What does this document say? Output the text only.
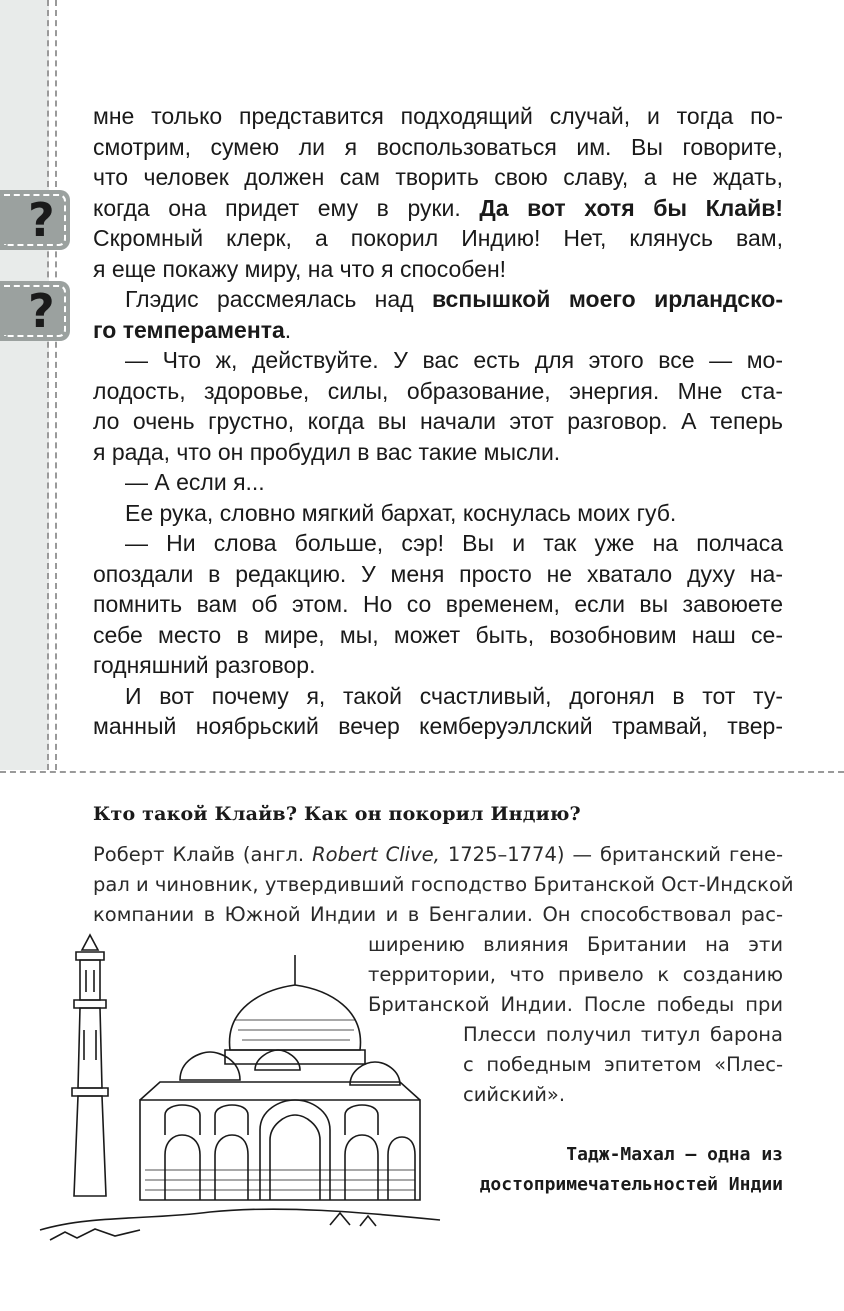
?
?

мне только представится подходящий случай, и тогда по-

смотрим, сумею ли я воспользоваться им. Вы говорите,

что человек должен сам творить свою славу, а не ждать,

когда она придет ему в руки. Да вот хотя бы Клайв!

Скромный клерк, а покорил Индию! Нет, клянусь вам,

я еще покажу миру, на что я способен!

Глэдис рассмеялась над вспышкой моего ирландско-

го темперамента.

— Что ж, действуйте. У вас есть для этого все — мо-

лодость, здоровье, силы, образование, энергия. Мне ста-

ло очень грустно, когда вы начали этот разговор. А теперь

я рада, что он пробудил в вас такие мысли.

— А если я...

Ее рука, словно мягкий бархат, коснулась моих губ.

— Ни слова больше, сэр! Вы и так уже на полчаса

опоздали в редакцию. У меня просто не хватало духу на-

помнить вам об этом. Но со временем, если вы завоюете

себе место в мире, мы, может быть, возобновим наш се-

годняшний разговор.

И вот почему я, такой счастливый, догонял в тот ту-

манный ноябрьский вечер кемберуэллский трамвай, твер-

Кто такой Клайв? Как он покорил Индию?
Роберт Клайв (англ. Robert Clive, 1725–1774) — британский гене-
рал и чиновник, утвердивший господство Британской Ост-Индской
компании в Южной Индии и в Бенгалии. Он способствовал рас-
ширению влияния Британии на эти
территории, что привело к созданию
Британской Индии. После победы при
Плесси получил титул барона
с победным эпитетом «Плес-
сийский».
Тадж-Махал — одна из
достопримечательностей Индии
